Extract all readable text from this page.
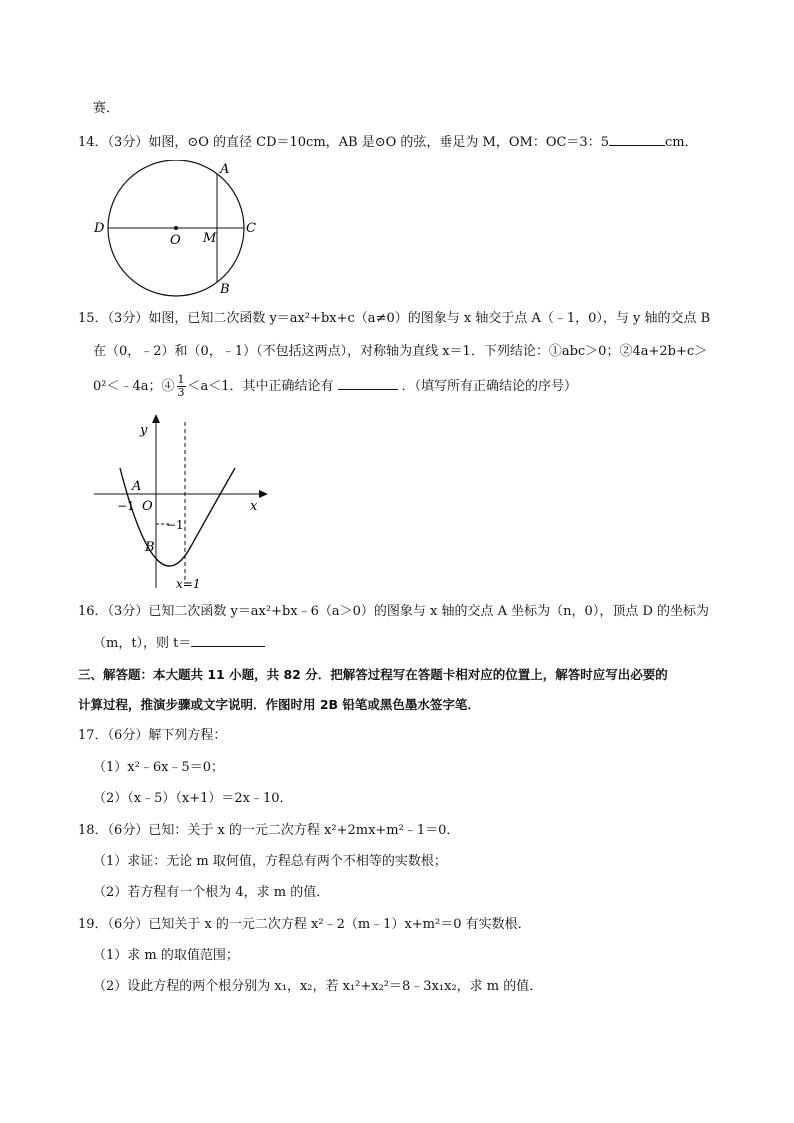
赛．
14．（3分）如图，⊙O 的直径 CD＝10cm，AB 是⊙O 的弦，垂足为 M，OM：OC＝3：5	cm．
A
B
C
D
O M
15．（3分）如图，已知二次函数 y＝ax²+bx+c（a≠0）的图象与 x 轴交于点 A（﹣1，0），与 y 轴的交点 B
在（0，﹣2）和（0，﹣1）（不包括这两点），对称轴为直线 x＝1．下列结论：①abc＞0；②4a+2b+c＞
0²＜﹣4a；④ $\frac{1}{3} <a<1$．其中正确结论有	．（填写所有正确结论的序号）
y
x
A
O
−1
−1
B
x=1
16．（3分）已知二次函数 y＝ax²+bx﹣6（a＞0）的图象与 x 轴的交点 A 坐标为（n，0），顶点 D 的坐标为
（m，t），则 t＝
三、解答题：本大题共 11 小题，共 82 分．把解答过程写在答题卡相对应的位置上，解答时应写出必要的
计算过程，推演步骤或文字说明．作图时用 2B 铅笔或黑色墨水签字笔．
17．（6分）解下列方程：
（1）x²﹣6x﹣5＝0；
（2）（x﹣5）（x+1）＝2x﹣10．
18．（6分）已知：关于 x 的一元二次方程 x²+2mx+m²﹣1＝0．
（1）求证：无论 m 取何值，方程总有两个不相等的实数根；
（2）若方程有一个根为 4，求 m 的值．
19．（6分）已知关于 x 的一元二次方程 x²﹣2（m﹣1）x+m²＝0 有实数根．
（1）求 m 的取值范围；
（2）设此方程的两个根分别为 x₁，x₂，若 x₁²+x₂²＝8﹣3x₁x₂，求 m 的值．
